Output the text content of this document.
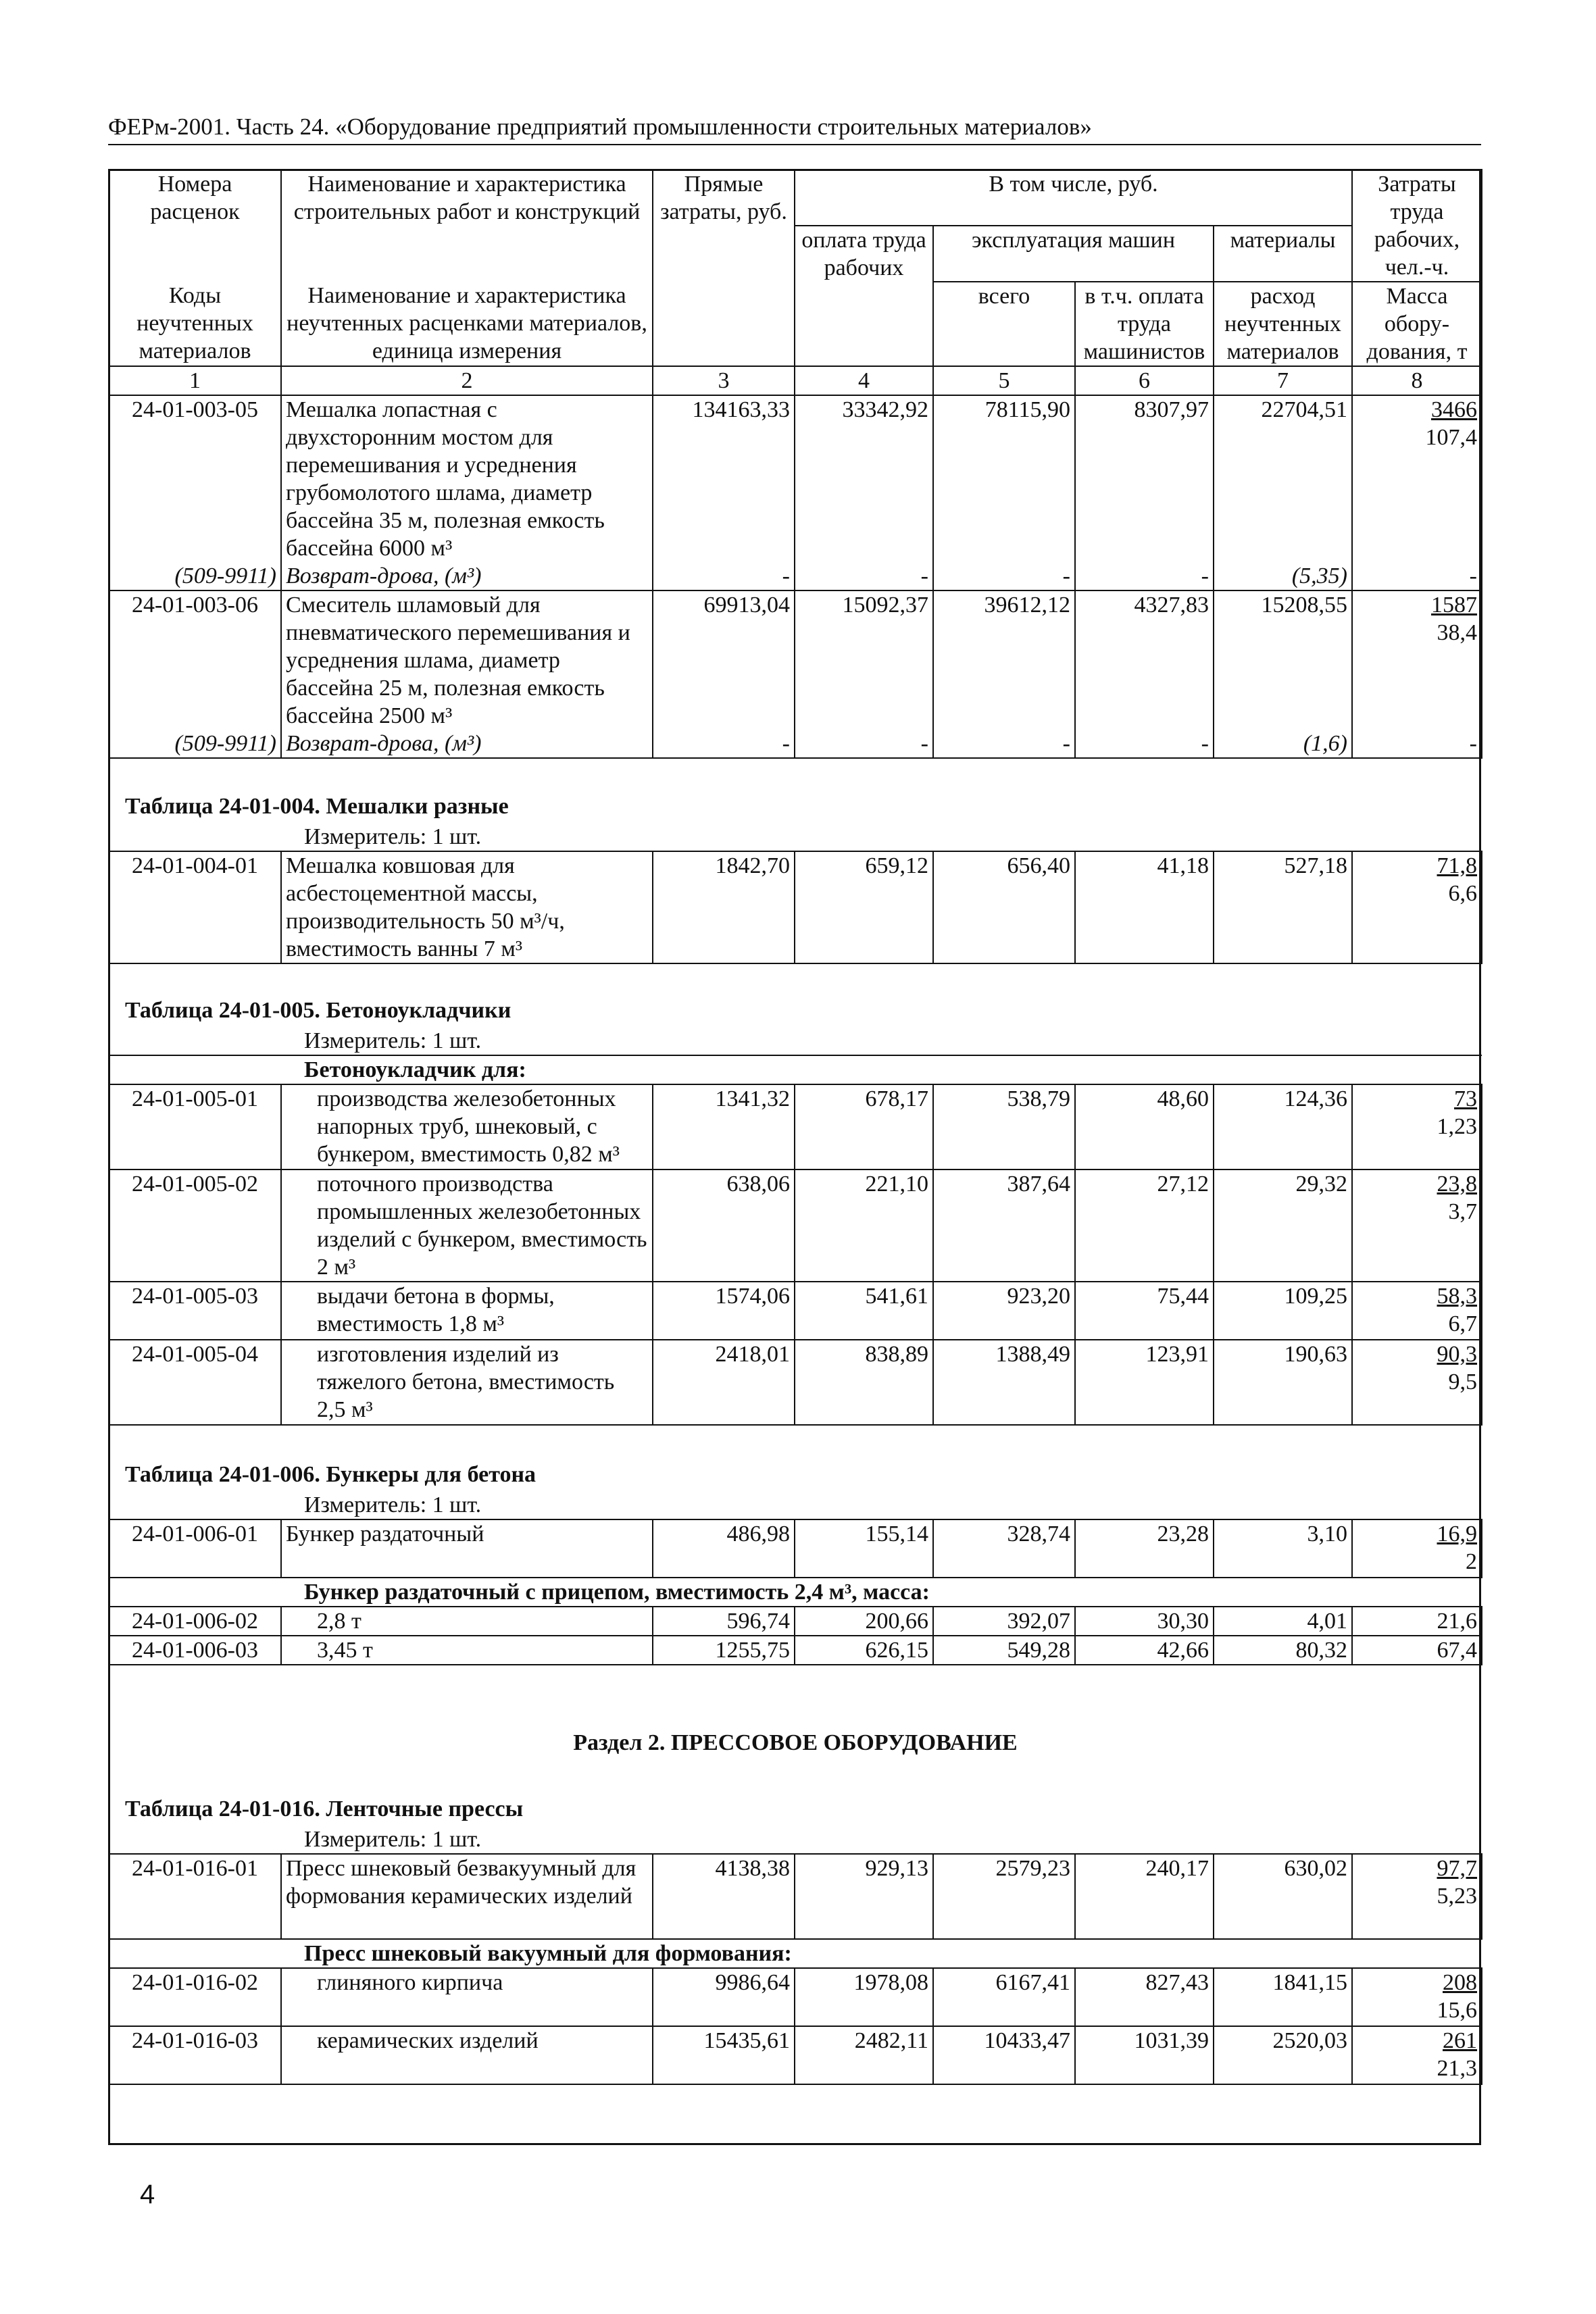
ФЕРм-2001. Часть 24. «Оборудование предприятий промышленности строительных материалов»
Номера расценок	Наименование и характеристика строительных работ и конструкций	Прямые затраты, руб.	В том числе, руб.				Затраты труда рабочих, чел.-ч.
			оплата труда рабочих	эксплуатация машин		материалы	
Коды неучтенных материалов	Наименование и характеристика неучтенных расценками материалов, единица измерения			всего	в т.ч. оплата труда машинистов	расход неучтенных материалов	Масса обору-дования, т
1	2	3	4	5	6	7	8
24-01-003-05	Мешалка лопастная с двухсторонним мостом для перемешивания и усреднения грубомолотого шлама, диаметр бассейна 35 м, полезная емкость бассейна 6000 м³	134163,33	33342,92	78115,90	8307,97	22704,51	3466
107,4
(509-9911)	Возврат-дрова, (м³)	-	-	-	-	(5,35)	-
24-01-003-06	Смеситель шламовый для пневматического перемешивания и усреднения шлама, диаметр бассейна 25 м, полезная емкость бассейна 2500 м³	69913,04	15092,37	39612,12	4327,83	15208,55	1587
38,4
(509-9911)	Возврат-дрова, (м³)	-	-	-	-	(1,6)	-
Таблица 24-01-004. Мешалки разные							
	Измеритель: 1 шт.						
24-01-004-01	Мешалка ковшовая для асбестоцементной массы, производительность 50 м³/ч, вместимость ванны 7 м³	1842,70	659,12	656,40	41,18	527,18	71,8
6,6
Таблица 24-01-005. Бетоноукладчики							
	Измеритель: 1 шт.						
	Бетоноукладчик для:						
24-01-005-01	производства железобетонных напорных труб, шнековый, с бункером, вместимость 0,82 м³	1341,32	678,17	538,79	48,60	124,36	73
1,23
24-01-005-02	поточного производства промышленных железобетонных изделий с бункером, вместимость 2 м³	638,06	221,10	387,64	27,12	29,32	23,8
3,7
24-01-005-03	выдачи бетона в формы, вместимость 1,8 м³	1574,06	541,61	923,20	75,44	109,25	58,3
6,7
24-01-005-04	изготовления изделий из тяжелого бетона, вместимость 2,5 м³	2418,01	838,89	1388,49	123,91	190,63	90,3
9,5
Таблица 24-01-006. Бункеры для бетона							
	Измеритель: 1 шт.						
24-01-006-01	Бункер раздаточный	486,98	155,14	328,74	23,28	3,10	16,9
2
	Бункер раздаточный с прицепом, вместимость 2,4 м³, масса:						
24-01-006-02	2,8 т	596,74	200,66	392,07	30,30	4,01	21,6
24-01-006-03	3,45 т	1255,75	626,15	549,28	42,66	80,32	67,4
Раздел 2. ПРЕССОВОЕ ОБОРУДОВАНИЕ							
Таблица 24-01-016. Ленточные прессы							
	Измеритель: 1 шт.						
24-01-016-01	Пресс шнековый безвакуумный для формования керамических изделий	4138,38	929,13	2579,23	240,17	630,02	97,7
5,23
	Пресс шнековый вакуумный для формования:						
24-01-016-02	глиняного кирпича	9986,64	1978,08	6167,41	827,43	1841,15	208
15,6
24-01-016-03	керамических изделий	15435,61	2482,11	10433,47	1031,39	2520,03	261
21,3
4
